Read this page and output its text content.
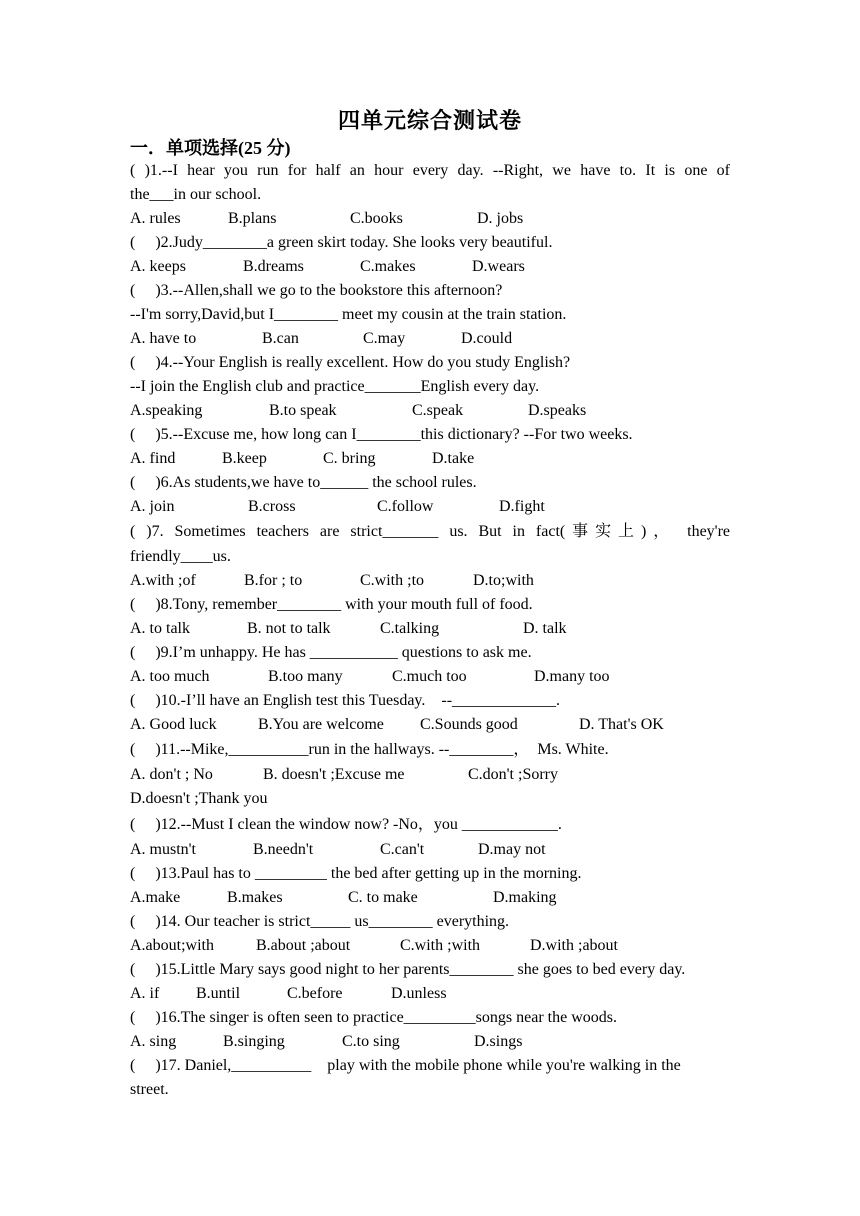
四单元综合测试卷
一．单项选择(25 分)
( )1.--I hear you run for half an hour every day. --Right, we have to. It is one of
the___in our school.
A. rules	B.plans	C.books	D. jobs
(     )2.Judy________a green skirt today. She looks very beautiful.
A. keeps	B.dreams	C.makes	D.wears
(     )3.--Allen,shall we go to the bookstore this afternoon?
--I'm sorry,David,but I________ meet my cousin at the train station.
A. have to	B.can	C.may	D.could
(     )4.--Your English is really excellent. How do you study English?
--I join the English club and practice_______English every day.
A.speaking	B.to speak	C.speak	D.speaks
(     )5.--Excuse me, how long can I________this dictionary? --For two weeks.
A. find	B.keep	C. bring	D.take
(     )6.As students,we have to______ the school rules.
A. join	B.cross	C.follow	D.fight
( )7. Sometimes teachers are strict_______ us. But in fact(事实上)， they're
friendly____us.
A.with ;of	B.for ; to	C.with ;to	D.to;with
(     )8.Tony, remember________ with your mouth full of food.
A. to talk	B. not to talk	C.talking	D. talk
(     )9.I’m unhappy. He has ___________ questions to ask me.
A. too much	B.too many	C.much too	D.many too
(     )10.-I’ll have an English test this Tuesday.    --_____________.
A. Good luck	B.You are welcome C.Sounds good	D. That's OK
(     )11.--Mike,__________run in the hallways. --________，  Ms. White.
A. don't ; No	B. doesn't ;Excuse me	C.don't ;Sorry
D.doesn't ;Thank you
(     )12.--Must I clean the window now? -No，you ____________.
A. mustn't	B.needn't	C.can't	D.may not
(     )13.Paul has to _________ the bed after getting up in the morning.
A.make	B.makes	C. to make	D.making
(     )14. Our teacher is strict_____ us________ everything.
A.about;with	B.about ;about	C.with ;with	D.with ;about
(     )15.Little Mary says good night to her parents________ she goes to bed every day.
A. if B.until	C.before	D.unless
(     )16.The singer is often seen to practice_________songs near the woods.
A. sing	B.singing	C.to sing	D.sings
(     )17. Daniel,__________    play with the mobile phone while you're walking in the
street.
